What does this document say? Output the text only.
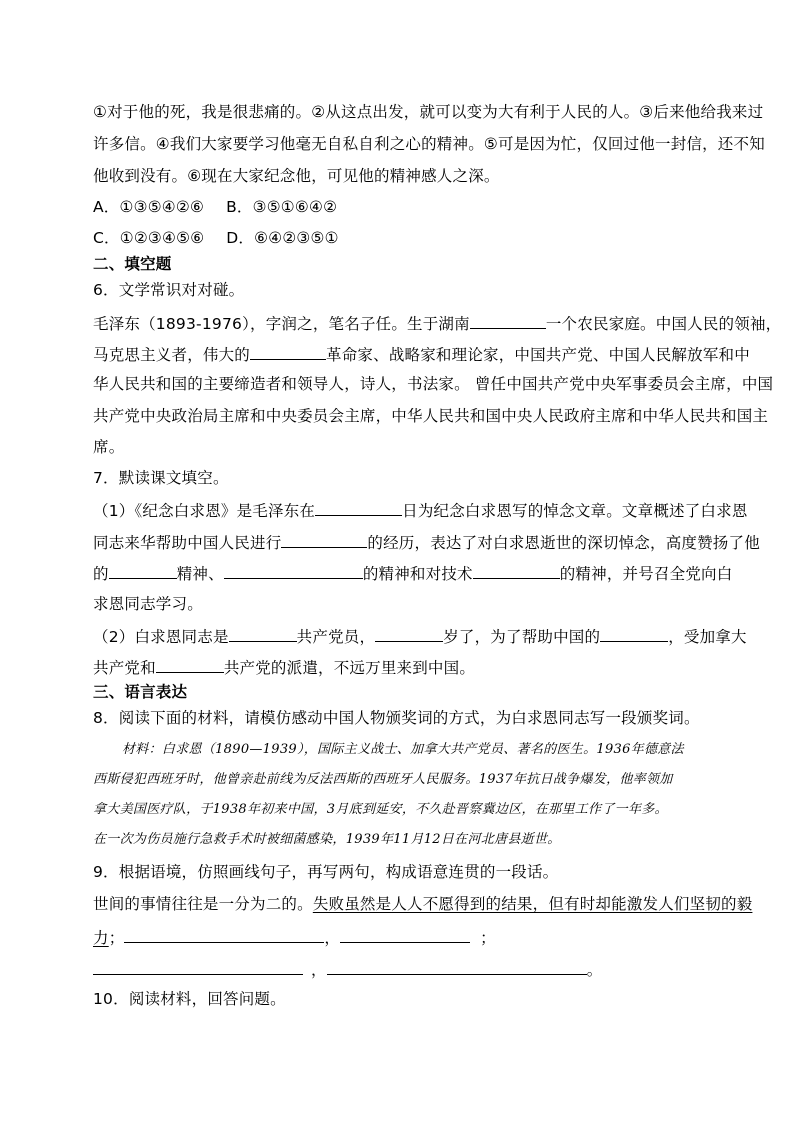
①对于他的死，我是很悲痛的。②从这点出发，就可以变为大有利于人民的人。③后来他给我来过
许多信。④我们大家要学习他毫无自私自利之心的精神。⑤可是因为忙，仅回过他一封信，还不知
他收到没有。⑥现在大家纪念他，可见他的精神感人之深。
A．①③⑤④②⑥ B．③⑤①⑥④②
C．①②③④⑤⑥ D．⑥④②③⑤①
二、填空题
6．文学常识对对碰。
毛泽东（1893-1976），字润之，笔名子任。生于湖南	一个农民家庭。中国人民的领袖，
马克思主义者，伟大的	革命家、战略家和理论家，中国共产党、中国人民解放军和中
华人民共和国的主要缔造者和领导人，诗人，书法家。 曾任中国共产党中央军事委员会主席，中国
共产党中央政治局主席和中央委员会主席，中华人民共和国中央人民政府主席和中华人民共和国主
席。
7．默读课文填空。
（1）《纪念白求恩》是毛泽东在	日为纪念白求恩写的悼念文章。文章概述了白求恩
同志来华帮助中国人民进行	的经历，表达了对白求恩逝世的深切悼念，高度赞扬了他
的	精神、	的精神和对技术	的精神，并号召全党向白
求恩同志学习。
（2）白求恩同志是	共产党员，	岁了，为了帮助中国的	，受加拿大
共产党和	共产党的派遣，不远万里来到中国。
三、语言表达
8．阅读下面的材料，请模仿感动中国人物颁奖词的方式，为白求恩同志写一段颁奖词。
材料：白求恩（1890—1939），国际主义战士、加拿大共产党员、著名的医生。1936年德意法
西斯侵犯西班牙时，他曾亲赴前线为反法西斯的西班牙人民服务。1937年抗日战争爆发，他率领加
拿大美国医疗队，于1938年初来中国，3月底到延安，不久赴晋察冀边区，在那里工作了一年多。
在一次为伤员施行急救手术时被细菌感染，1939年11月12日在河北唐县逝世。
9．根据语境，仿照画线句子，再写两句，构成语意连贯的一段话。
世间的事情往往是一分为二的。失败虽然是人人不愿得到的结果，但有时却能激发人们坚韧的毅
力；	，	；
，	。
10．阅读材料，回答问题。
